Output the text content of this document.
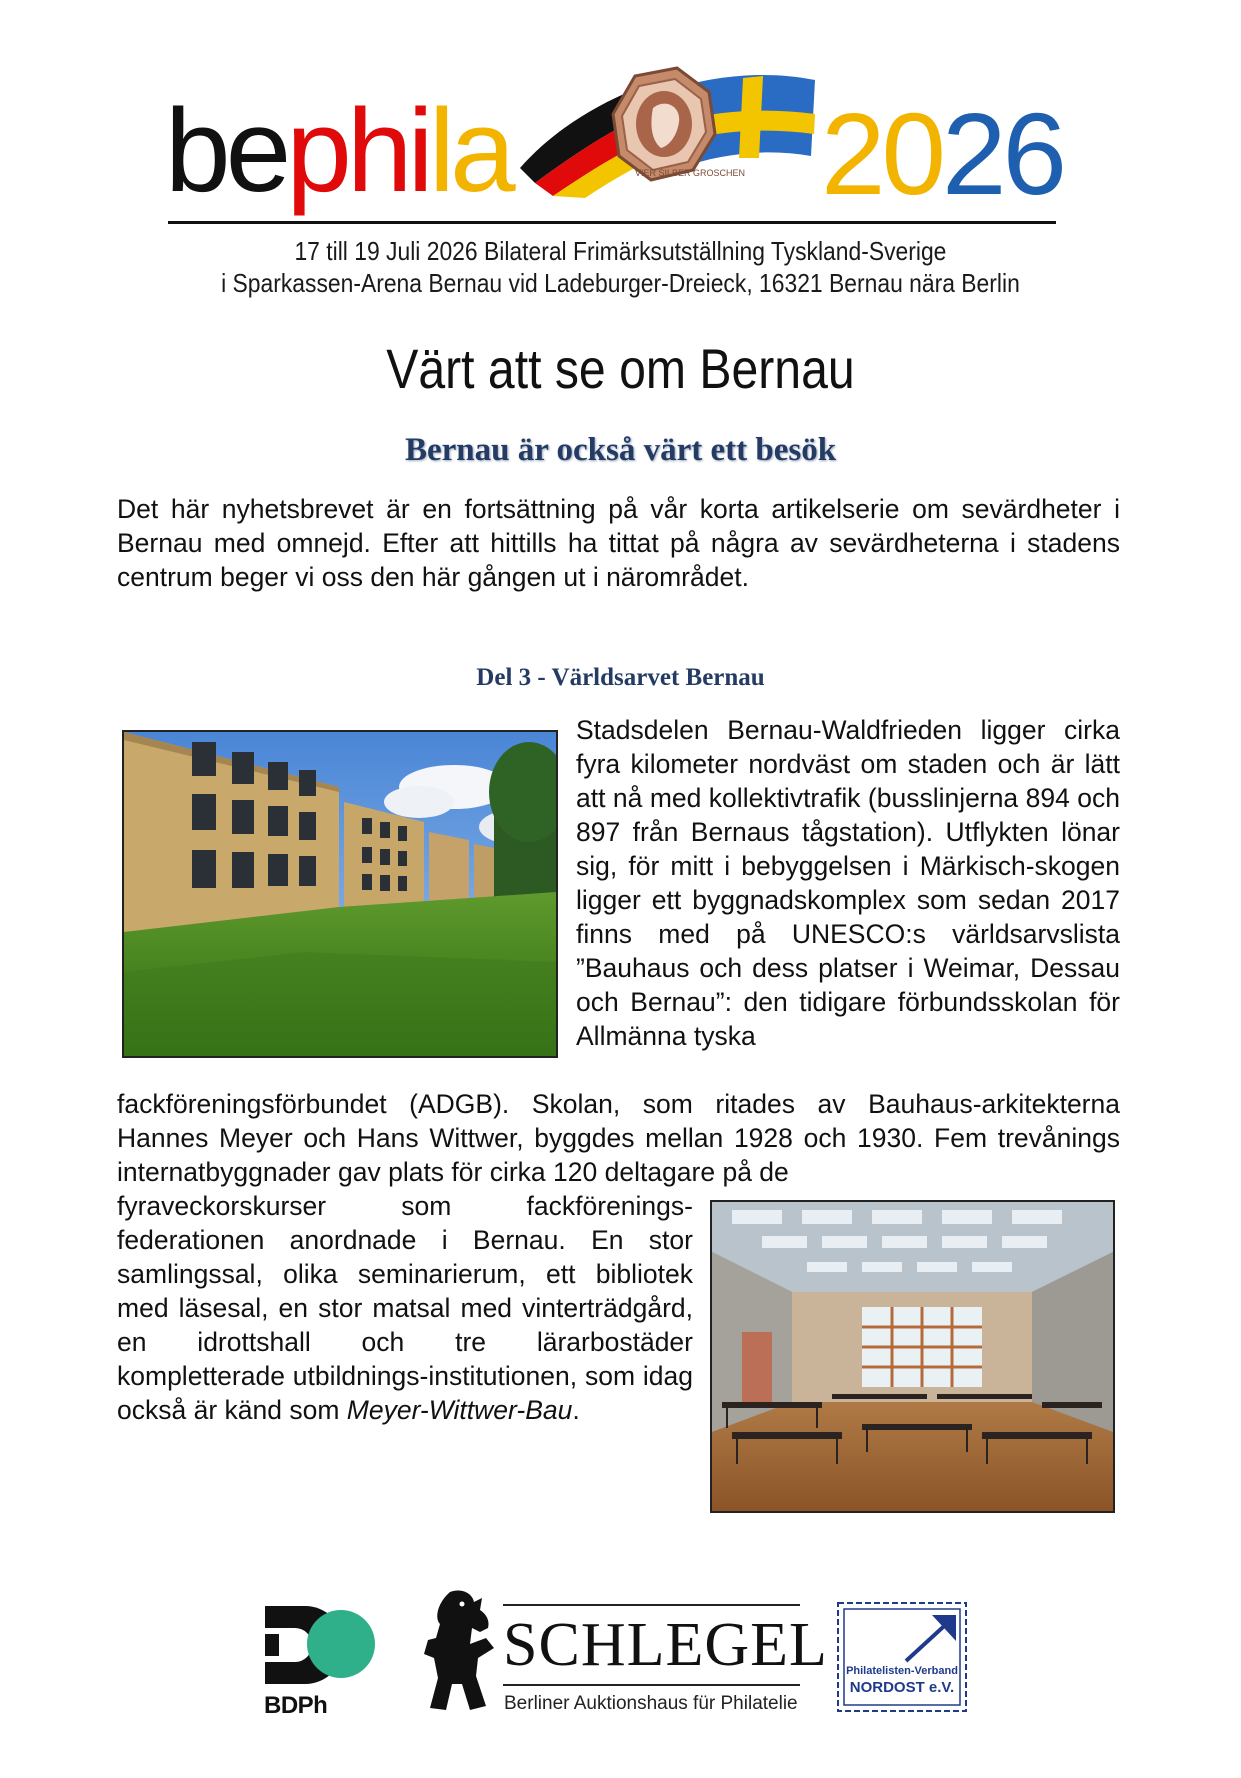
bephila	VIER SILBER GROSCHEN 2026
17 till 19 Juli 2026 Bilateral Frimärksutställning Tyskland-Sverige
i Sparkassen-Arena Bernau vid Ladeburger-Dreieck, 16321 Bernau nära Berlin
Värt att se om Bernau
Bernau är också värt ett besök

Det här nyhetsbrevet är en fortsättning på vår korta artikelserie om sevärdheter i Bernau med omnejd. Efter att hittills ha tittat på några av sevärdheterna i stadens centrum beger vi oss den här gången ut i närområdet.

Del 3 - Världsarvet Bernau

Stadsdelen Bernau-Waldfrieden ligger cirka fyra kilometer nordväst om staden och är lätt att nå med kollektivtrafik (busslinjerna 894 och 897 från Bernaus tågstation). Utflykten lönar sig, för mitt i bebyggelsen i Märkisch-skogen ligger ett byggnadskomplex som sedan 2017 finns med på UNESCO:s världsarvslista ”Bauhaus och dess platser i Weimar, Dessau och Bernau”: den tidigare förbundsskolan för Allmänna tyska

fackföreningsförbundet (ADGB). Skolan, som ritades av Bauhaus-arkitekterna Hannes Meyer och Hans Wittwer, byggdes mellan 1928 och 1930. Fem trevånings internatbyggnader gav plats för cirka 120 deltagare på de

fyraveckorskurser som fackförenings-federationen anordnade i Bernau. En stor samlingssal, olika seminarierum, ett bibliotek med läsesal, en stor matsal med vinterträdgård, en idrottshall och tre lärarbostäder kompletterade utbildnings-institutionen, som idag också är känd som Meyer-Wittwer-Bau.

BDPh
SCHLEGEL
Berliner Auktionshaus für Philatelie
Philatelisten-Verband
NORDOST e.V.
